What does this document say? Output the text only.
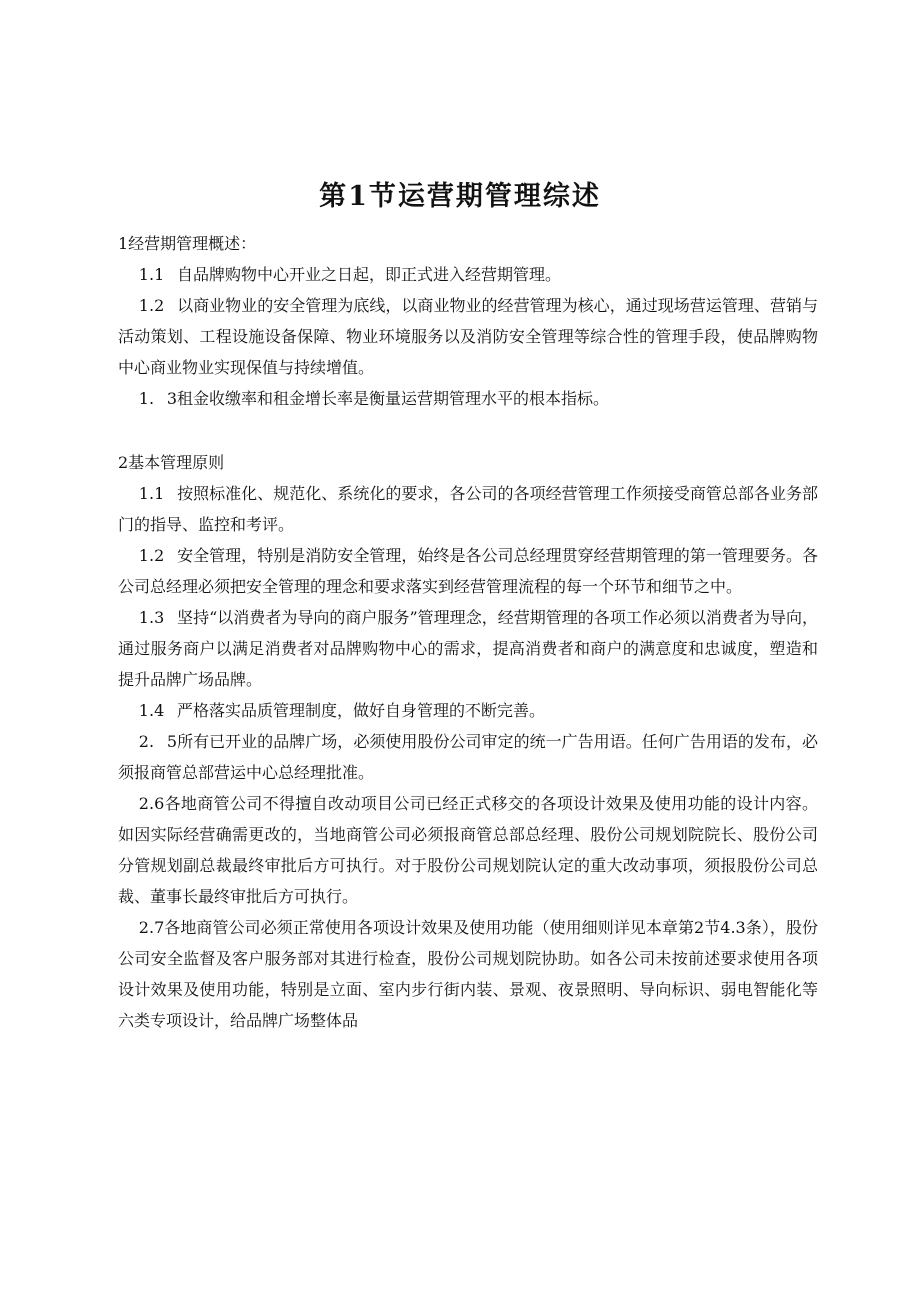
第1节运营期管理综述

1经营期管理概述：

1.1 自品牌购物中心开业之日起，即正式进入经营期管理。

1.2 以商业物业的安全管理为底线，以商业物业的经营管理为核心，通过现场营运管理、营销与活动策划、工程设施设备保障、物业环境服务以及消防安全管理等综合性的管理手段，使品牌购物中心商业物业实现保值与持续增值。

1. 3租金收缴率和租金增长率是衡量运营期管理水平的根本指标。

2基本管理原则

1.1 按照标准化、规范化、系统化的要求，各公司的各项经营管理工作须接受商管总部各业务部门的指导、监控和考评。

1.2 安全管理，特别是消防安全管理，始终是各公司总经理贯穿经营期管理的第一管理要务。各公司总经理必须把安全管理的理念和要求落实到经营管理流程的每一个环节和细节之中。

1.3 坚持“以消费者为导向的商户服务”管理理念，经营期管理的各项工作必须以消费者为导向，通过服务商户以满足消费者对品牌购物中心的需求，提高消费者和商户的满意度和忠诚度，塑造和提升品牌广场品牌。

1.4 严格落实品质管理制度，做好自身管理的不断完善。

2. 5所有已开业的品牌广场，必须使用股份公司审定的统一广告用语。任何广告用语的发布，必须报商管总部营运中心总经理批准。

2.6各地商管公司不得擅自改动项目公司已经正式移交的各项设计效果及使用功能的设计内容。如因实际经营确需更改的，当地商管公司必须报商管总部总经理、股份公司规划院院长、股份公司分管规划副总裁最终审批后方可执行。对于股份公司规划院认定的重大改动事项，须报股份公司总裁、董事长最终审批后方可执行。

2.7各地商管公司必须正常使用各项设计效果及使用功能（使用细则详见本章第2节4.3条），股份公司安全监督及客户服务部对其进行检查，股份公司规划院协助。如各公司未按前述要求使用各项设计效果及使用功能，特别是立面、室内步行街内装、景观、夜景照明、导向标识、弱电智能化等六类专项设计，给品牌广场整体品
